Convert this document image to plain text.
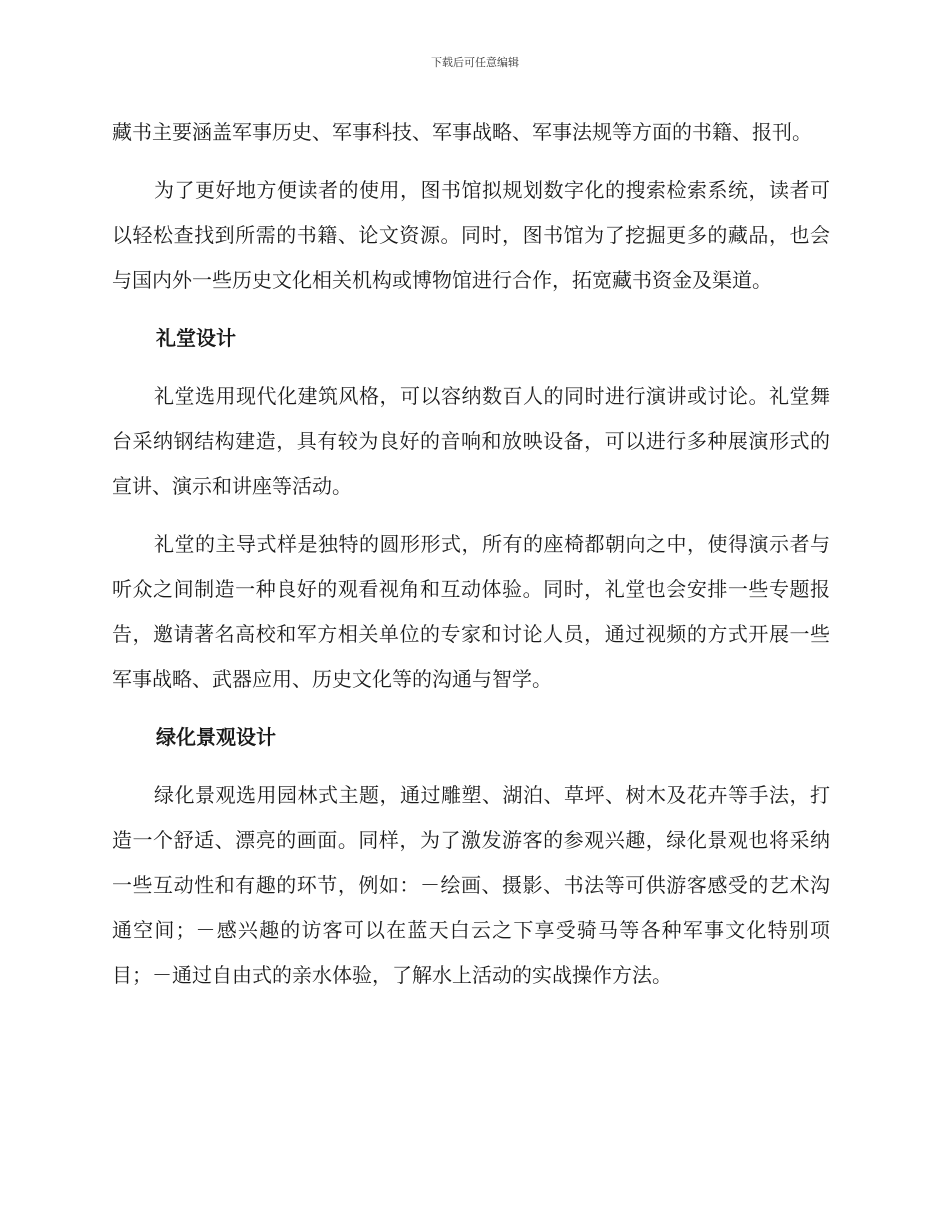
下载后可任意编辑

藏书主要涵盖军事历史、军事科技、军事战略、军事法规等方面的书籍、报刊。

为了更好地方便读者的使用，图书馆拟规划数字化的搜索检索系统，读者可以轻松查找到所需的书籍、论文资源。同时，图书馆为了挖掘更多的藏品，也会与国内外一些历史文化相关机构或博物馆进行合作，拓宽藏书资金及渠道。

礼堂设计

礼堂选用现代化建筑风格，可以容纳数百人的同时进行演讲或讨论。礼堂舞台采纳钢结构建造，具有较为良好的音响和放映设备，可以进行多种展演形式的宣讲、演示和讲座等活动。

礼堂的主导式样是独特的圆形形式，所有的座椅都朝向之中，使得演示者与听众之间制造一种良好的观看视角和互动体验。同时，礼堂也会安排一些专题报告，邀请著名高校和军方相关单位的专家和讨论人员，通过视频的方式开展一些军事战略、武器应用、历史文化等的沟通与智学。

绿化景观设计

绿化景观选用园林式主题，通过雕塑、湖泊、草坪、树木及花卉等手法，打造一个舒适、漂亮的画面。同样，为了激发游客的参观兴趣，绿化景观也将采纳一些互动性和有趣的环节，例如：－绘画、摄影、书法等可供游客感受的艺术沟通空间；－感兴趣的访客可以在蓝天白云之下享受骑马等各种军事文化特别项目；－通过自由式的亲水体验，了解水上活动的实战操作方法。
